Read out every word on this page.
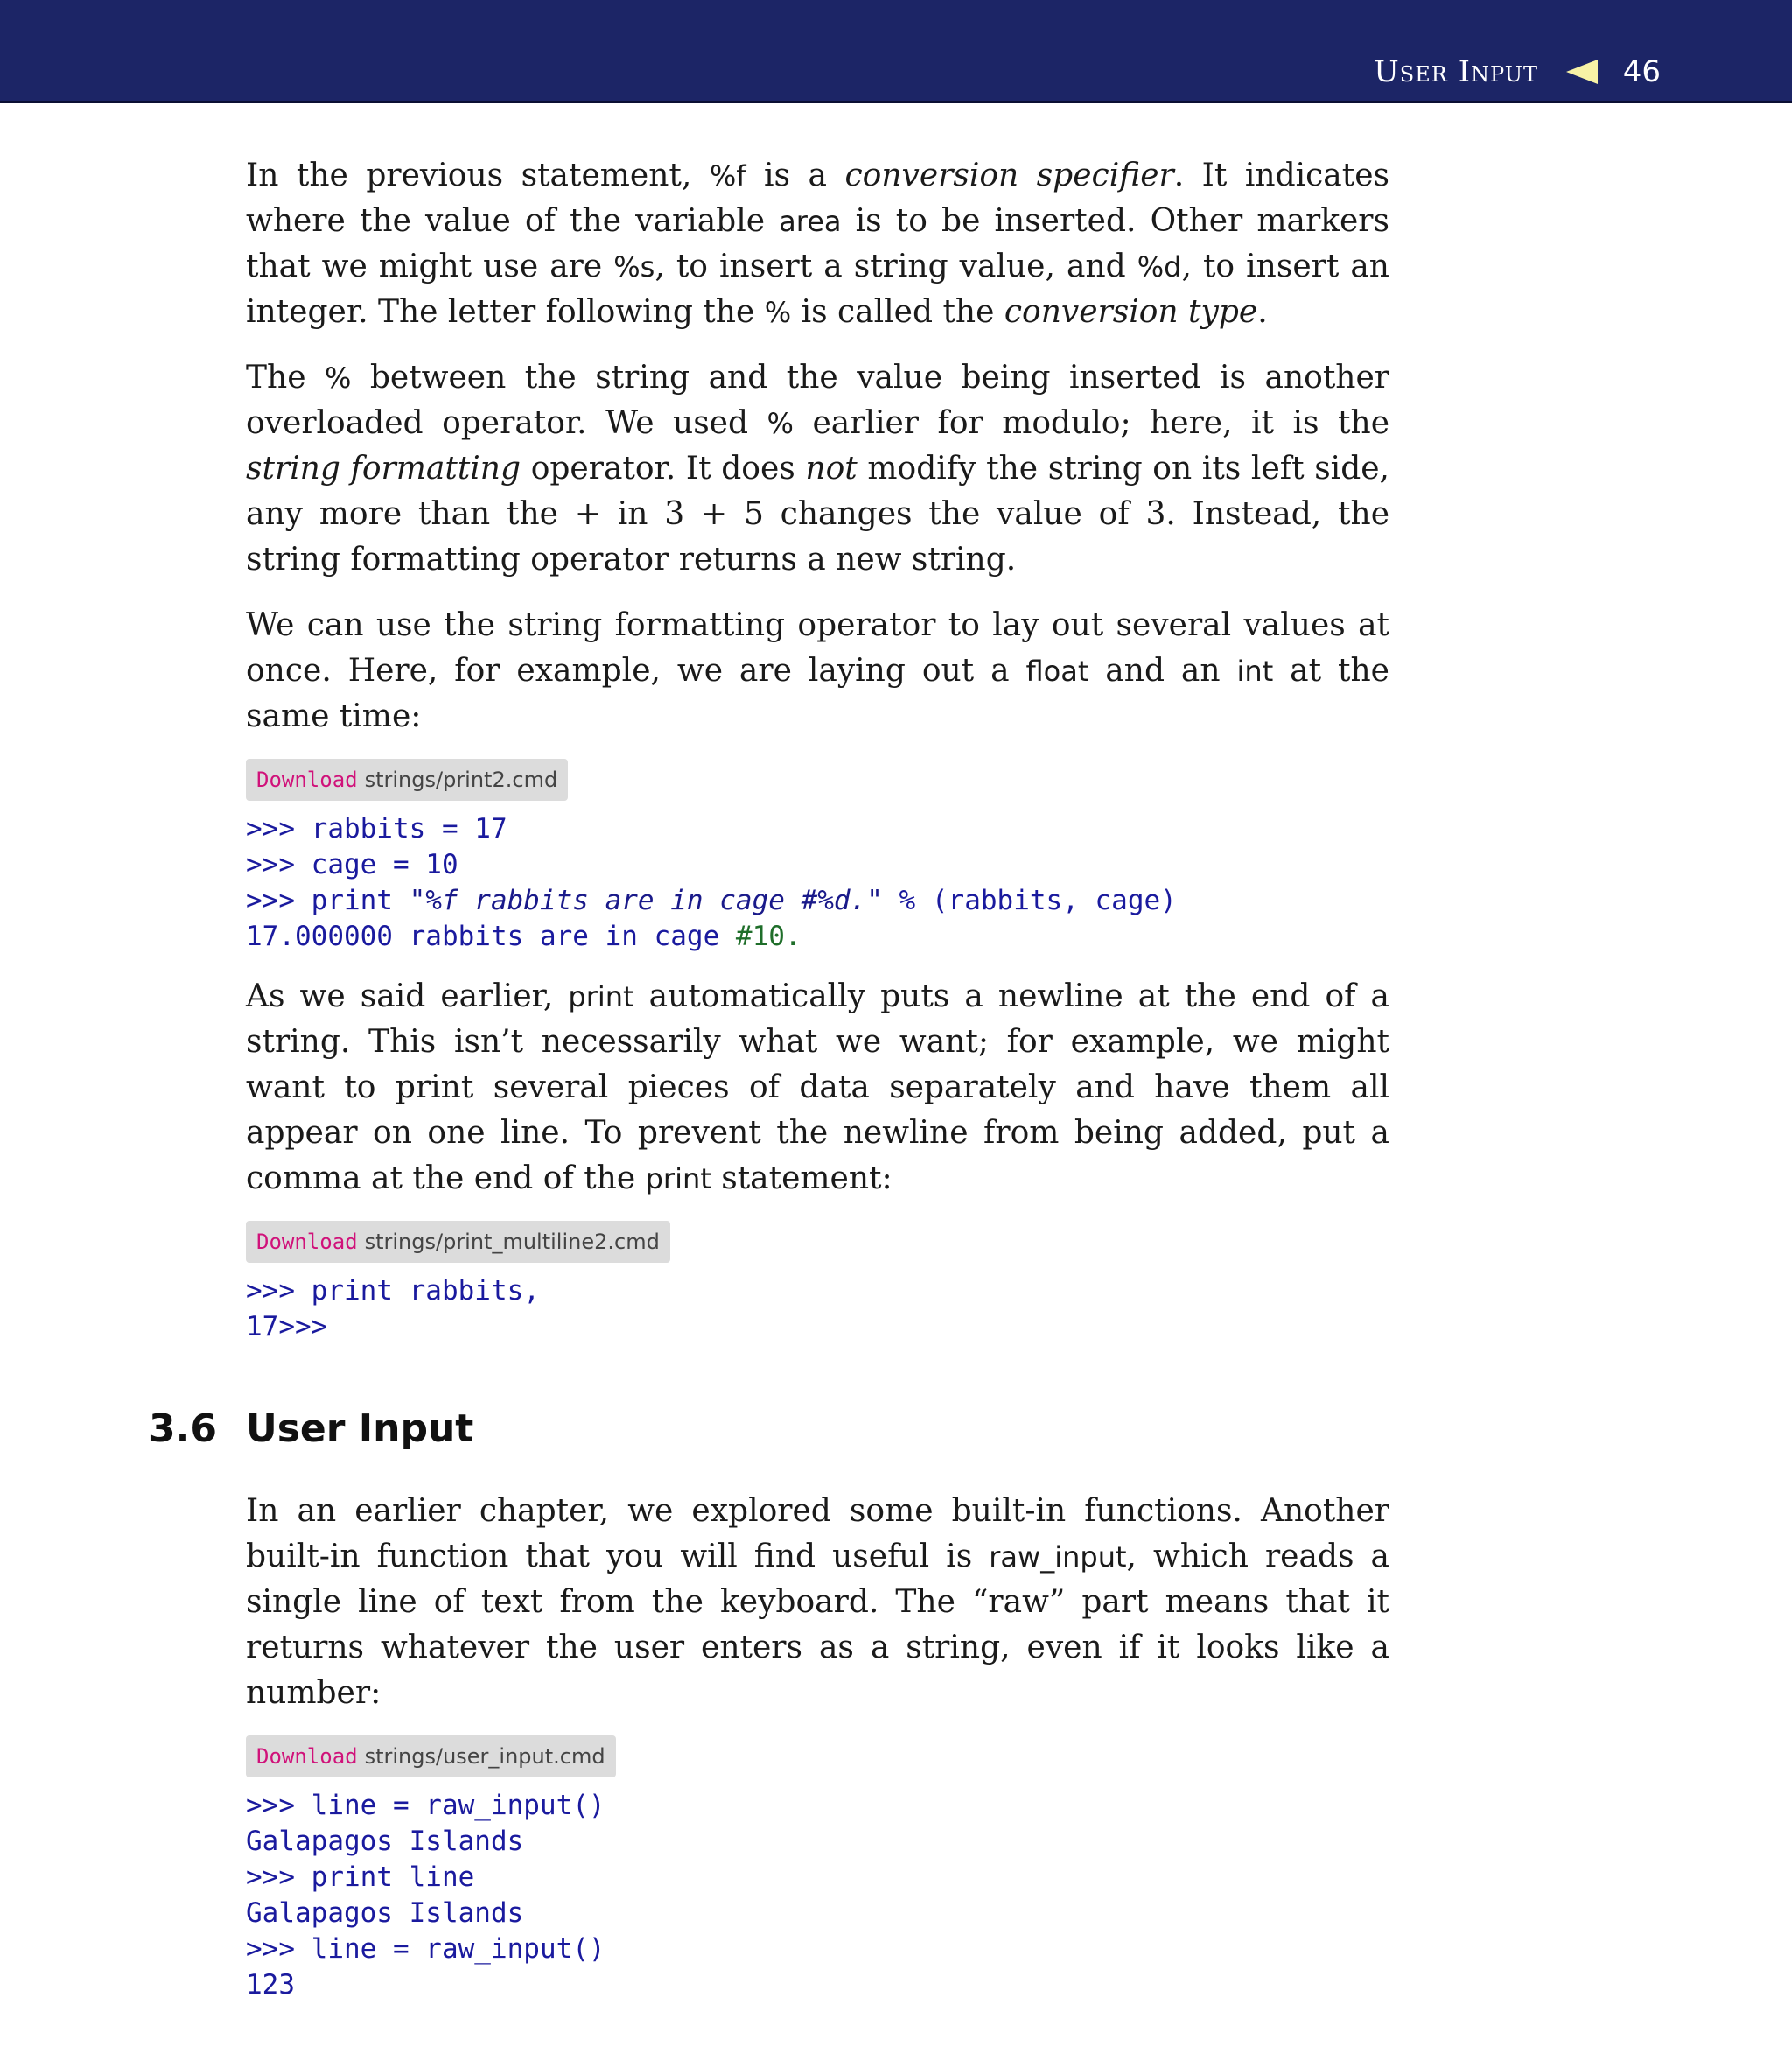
User Input	46

In the previous statement, %f is a conversion specifier. It indicates where the value of the variable area is to be inserted. Other markers that we might use are %s, to insert a string value, and %d, to insert an integer. The letter following the % is called the conversion type.

The % between the string and the value being inserted is another overloaded operator. We used % earlier for modulo; here, it is the string formatting operator. It does not modify the string on its left side, any more than the + in 3 + 5 changes the value of 3. Instead, the string formatting operator returns a new string.

We can use the string formatting operator to lay out several values at once. Here, for example, we are laying out a float and an int at the same time:

Download strings/print2.cmd
>>> rabbits = 17
>>> cage = 10
>>> print "%f rabbits are in cage #%d." % (rabbits, cage)
17.000000 rabbits are in cage #10.

As we said earlier, print automatically puts a newline at the end of a string. This isn’t necessarily what we want; for example, we might want to print several pieces of data separately and have them all appear on one line. To prevent the newline from being added, put a comma at the end of the print statement:

Download strings/print_multiline2.cmd
>>> print rabbits,
17>>>
3.6 User Input

In an earlier chapter, we explored some built-in functions. Another built-in function that you will find useful is raw_input, which reads a single line of text from the keyboard. The “raw” part means that it returns whatever the user enters as a string, even if it looks like a number:

Download strings/user_input.cmd
>>> line = raw_input()
Galapagos Islands
>>> print line
Galapagos Islands
>>> line = raw_input()
123
